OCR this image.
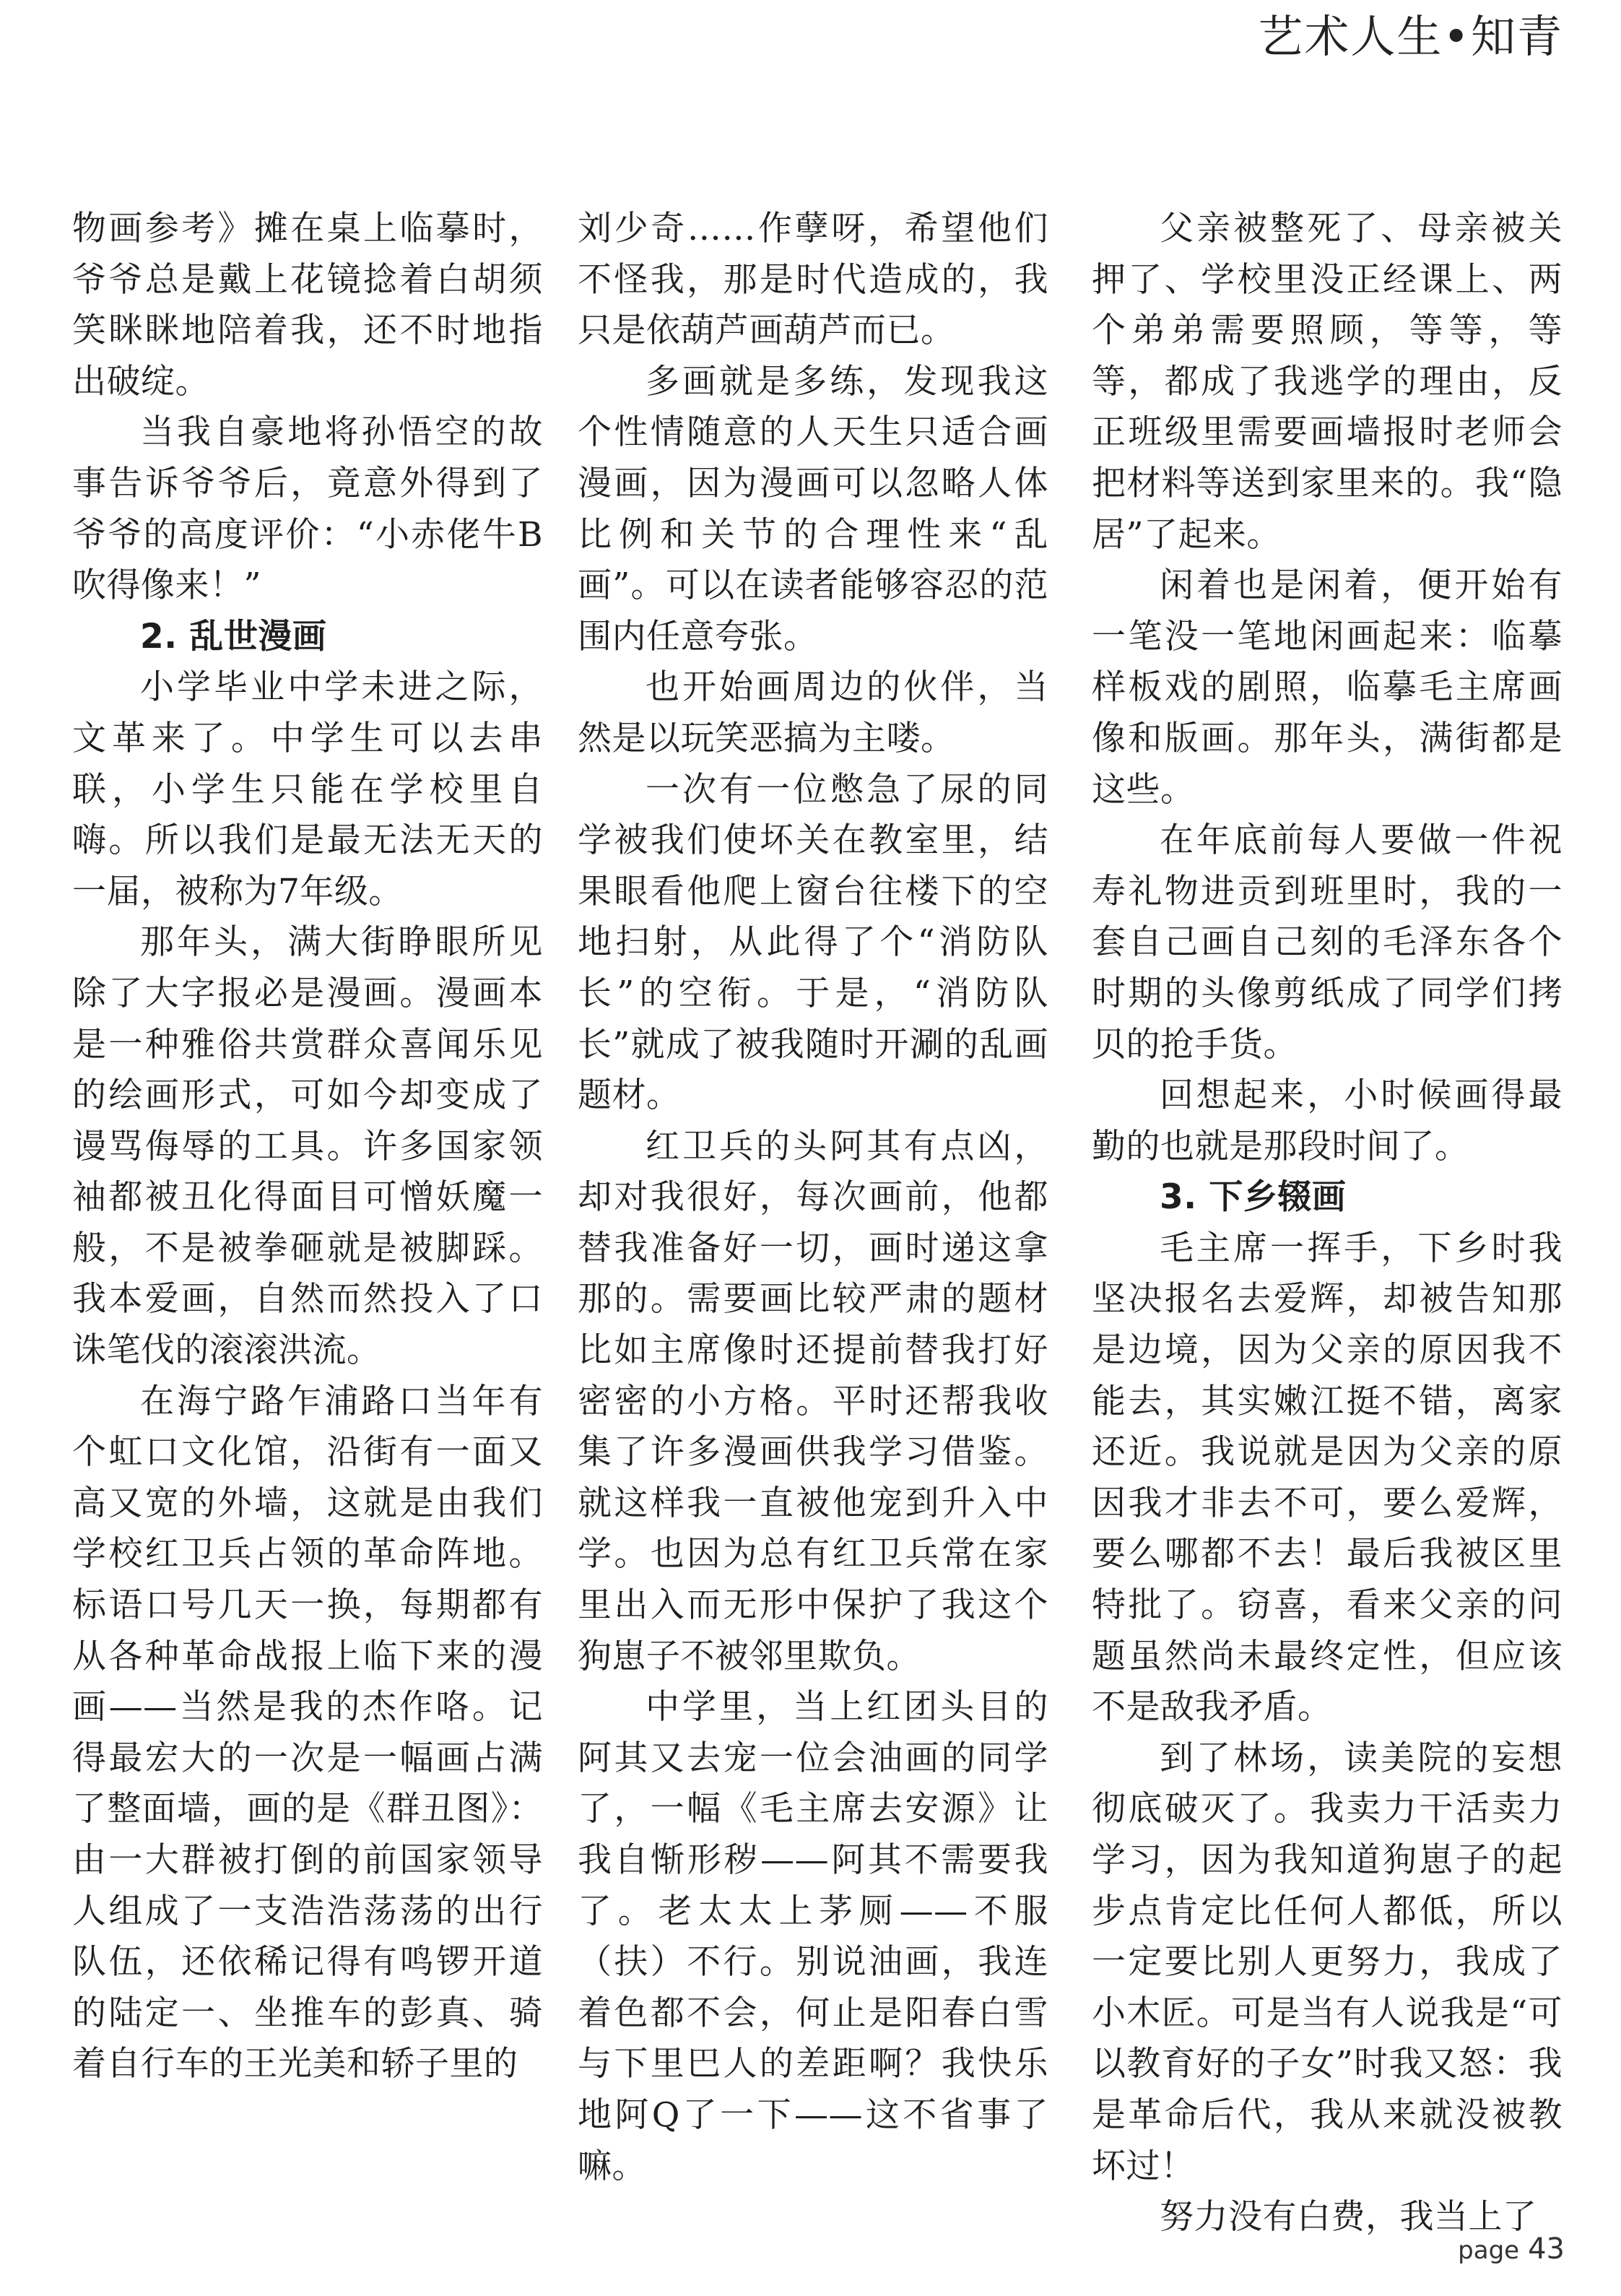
艺术人生•知青

物画参考》摊在桌上临摹时，爷爷总是戴上花镜捻着白胡须笑眯眯地陪着我，还不时地指出破绽。

当我自豪地将孙悟空的故事告诉爷爷后，竟意外得到了爷爷的高度评价：“小赤佬牛B吹得像来！”

2. 乱世漫画

小学毕业中学未进之际，文革来了。中学生可以去串联，小学生只能在学校里自嗨。所以我们是最无法无天的一届，被称为7年级。

那年头，满大街睁眼所见除了大字报必是漫画。漫画本是一种雅俗共赏群众喜闻乐见的绘画形式，可如今却变成了谩骂侮辱的工具。许多国家领袖都被丑化得面目可憎妖魔一般，不是被拳砸就是被脚踩。我本爱画，自然而然投入了口诛笔伐的滚滚洪流。

在海宁路乍浦路口当年有个虹口文化馆，沿街有一面又高又宽的外墙，这就是由我们学校红卫兵占领的革命阵地。标语口号几天一换，每期都有从各种革命战报上临下来的漫画——当然是我的杰作咯。记得最宏大的一次是一幅画占满了整面墙，画的是《群丑图》：由一大群被打倒的前国家领导人组成了一支浩浩荡荡的出行队伍，还依稀记得有鸣锣开道的陆定一、坐推车的彭真、骑着自行车的王光美和轿子里的

刘少奇……作孽呀，希望他们不怪我，那是时代造成的，我只是依葫芦画葫芦而已。

多画就是多练，发现我这个性情随意的人天生只适合画漫画，因为漫画可以忽略人体比例和关节的合理性来“乱画”。可以在读者能够容忍的范围内任意夸张。

也开始画周边的伙伴，当然是以玩笑恶搞为主喽。

一次有一位憋急了尿的同学被我们使坏关在教室里，结果眼看他爬上窗台往楼下的空地扫射，从此得了个“消防队长”的空衔。于是，“消防队长”就成了被我随时开涮的乱画题材。

红卫兵的头阿其有点凶，却对我很好，每次画前，他都替我准备好一切，画时递这拿那的。需要画比较严肃的题材比如主席像时还提前替我打好密密的小方格。平时还帮我收集了许多漫画供我学习借鉴。就这样我一直被他宠到升入中学。也因为总有红卫兵常在家里出入而无形中保护了我这个狗崽子不被邻里欺负。

中学里，当上红团头目的阿其又去宠一位会油画的同学了，一幅《毛主席去安源》让我自惭形秽——阿其不需要我了。老太太上茅厕——不服（扶）不行。别说油画，我连着色都不会，何止是阳春白雪与下里巴人的差距啊？我快乐地阿Q了一下——这不省事了嘛。

父亲被整死了、母亲被关押了、学校里没正经课上、两个弟弟需要照顾，等等，等等，都成了我逃学的理由，反正班级里需要画墙报时老师会把材料等送到家里来的。我“隐居”了起来。

闲着也是闲着，便开始有一笔没一笔地闲画起来：临摹样板戏的剧照，临摹毛主席画像和版画。那年头，满街都是这些。

在年底前每人要做一件祝寿礼物进贡到班里时，我的一套自己画自己刻的毛泽东各个时期的头像剪纸成了同学们拷贝的抢手货。

回想起来，小时候画得最勤的也就是那段时间了。

3. 下乡辍画

毛主席一挥手，下乡时我坚决报名去爱辉，却被告知那是边境，因为父亲的原因我不能去，其实嫩江挺不错，离家还近。我说就是因为父亲的原因我才非去不可，要么爱辉，要么哪都不去！最后我被区里特批了。窃喜，看来父亲的问题虽然尚未最终定性，但应该不是敌我矛盾。

到了林场，读美院的妄想彻底破灭了。我卖力干活卖力学习，因为我知道狗崽子的起步点肯定比任何人都低，所以一定要比别人更努力，我成了小木匠。可是当有人说我是“可以教育好的子女”时我又怒：我是革命后代，我从来就没被教坏过！

努力没有白费，我当上了

page 43
